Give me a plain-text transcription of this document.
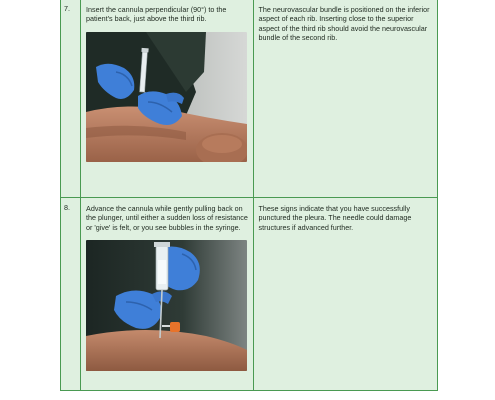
7.	Insert the cannula perpendicular (90°) to the patient's back, just above the third rib.	The neurovascular bundle is positioned on the inferior aspect of each rib. Inserting close to the superior aspect of the third rib should avoid the neurovascular bundle of the second rib.

8.	Advance the cannula while gently pulling back on the plunger, until either a sudden loss of resistance or 'give' is felt, or you see bubbles in the syringe.	These signs indicate that you have successfully punctured the pleura. The needle could damage structures if advanced further.
